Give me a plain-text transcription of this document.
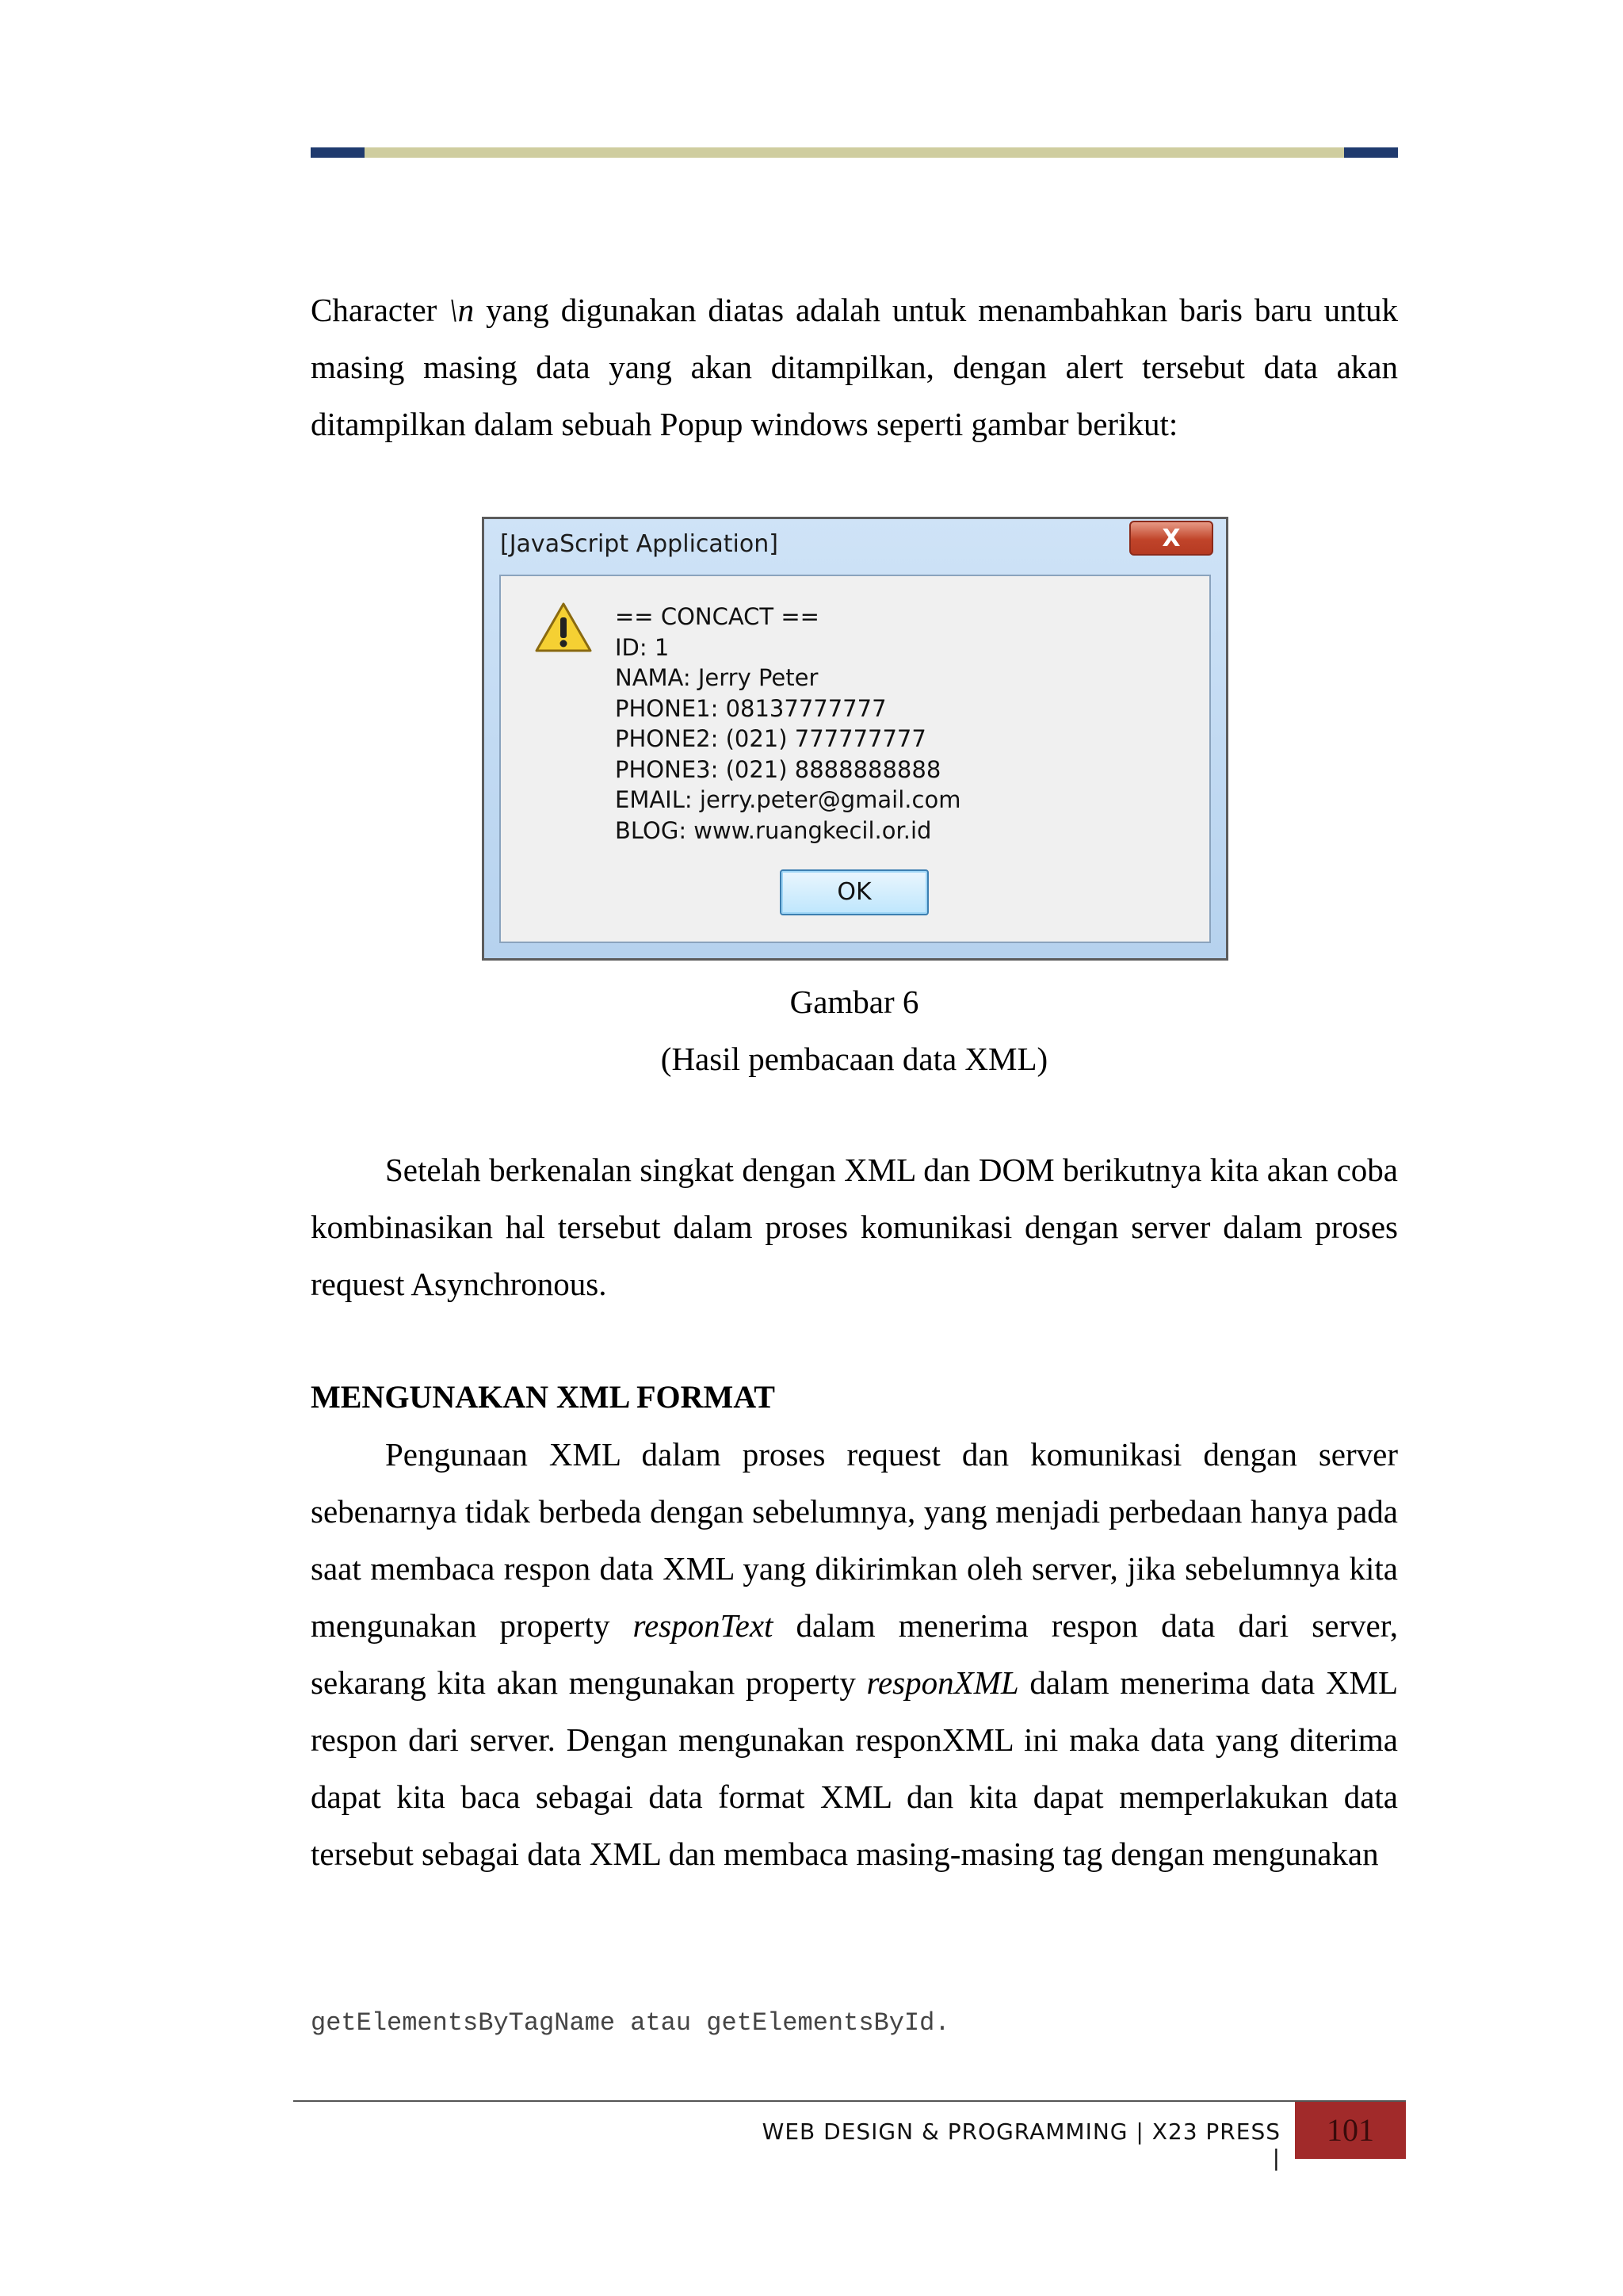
Character \n yang digunakan diatas adalah untuk menambahkan baris baru untuk masing masing data yang akan ditampilkan, dengan alert tersebut data akan ditampilkan dalam sebuah Popup windows seperti gambar berikut:
[JavaScript Application]	X
== CONCACT ==
ID: 1
NAMA: Jerry Peter
PHONE1: 08137777777
PHONE2: (021) 777777777
PHONE3: (021) 8888888888
EMAIL: jerry.peter@gmail.com
BLOG: www.ruangkecil.or.id
OK
Gambar 6
(Hasil pembacaan data XML)
Setelah berkenalan singkat dengan XML dan DOM berikutnya kita akan coba kombinasikan hal tersebut dalam proses komunikasi dengan server dalam proses request Asynchronous.
MENGUNAKAN XML FORMAT
Pengunaan XML dalam proses request dan komunikasi dengan server sebenarnya tidak berbeda dengan sebelumnya, yang menjadi perbedaan hanya pada saat membaca respon data XML yang dikirimkan oleh server, jika sebelumnya kita mengunakan property responText dalam menerima respon data dari server, sekarang kita akan mengunakan property responXML dalam menerima data XML respon dari server. Dengan mengunakan responXML ini maka data yang diterima dapat kita baca sebagai data format XML dan kita dapat memperlakukan data tersebut sebagai data XML dan membaca masing-masing tag dengan mengunakan
getElementsByTagName atau getElementsById.
WEB DESIGN & PROGRAMMING | X23 PRESS |
101
